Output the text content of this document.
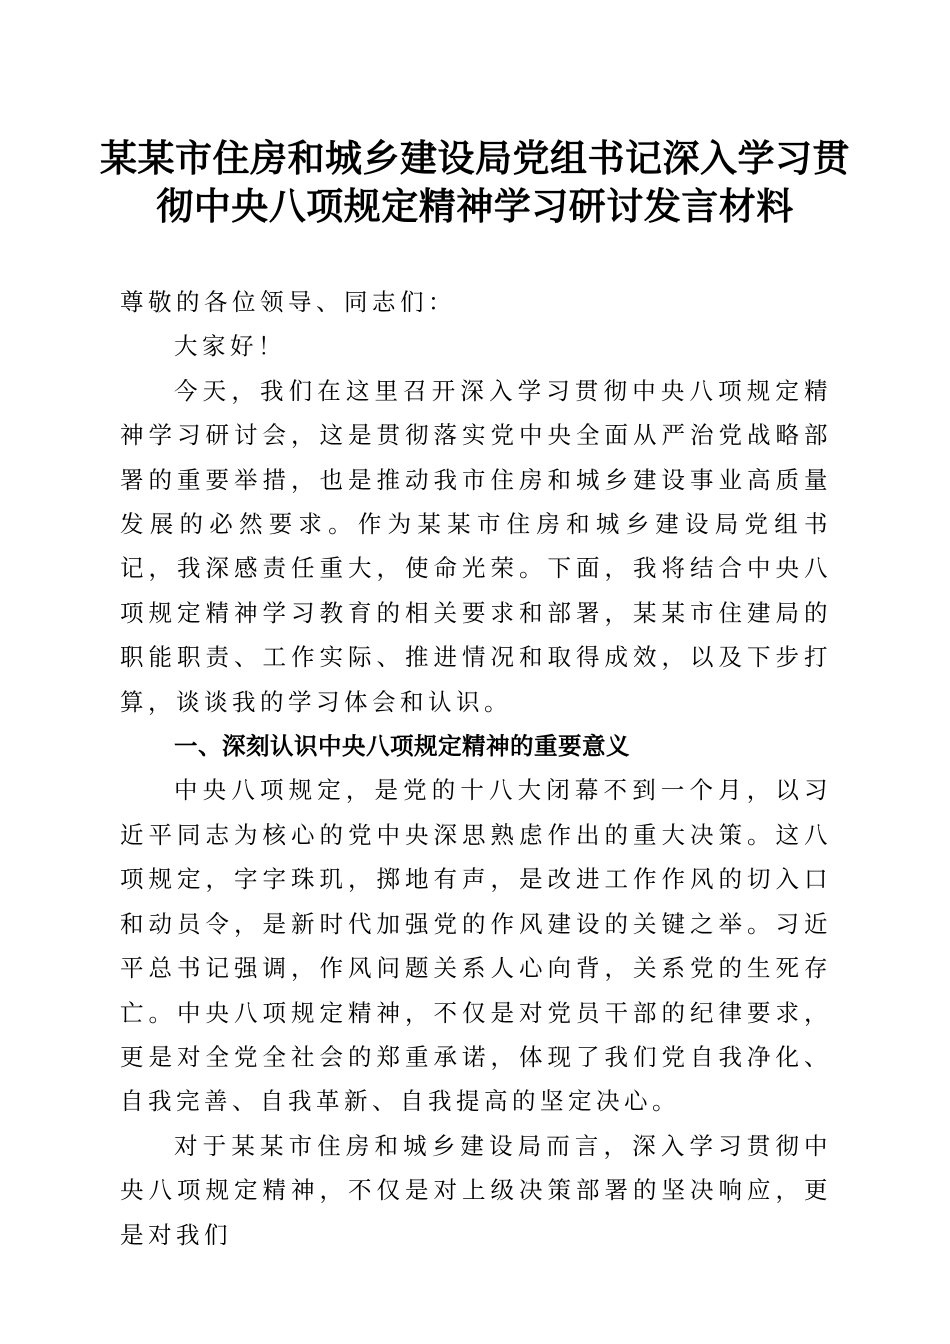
某某市住房和城乡建设局党组书记深入学习贯彻中央八项规定精神学习研讨发言材料

尊敬的各位领导、同志们：

大家好！

今天，我们在这里召开深入学习贯彻中央八项规定精神学习研讨会，这是贯彻落实党中央全面从严治党战略部署的重要举措，也是推动我市住房和城乡建设事业高质量发展的必然要求。作为某某市住房和城乡建设局党组书记，我深感责任重大，使命光荣。下面，我将结合中央八项规定精神学习教育的相关要求和部署，某某市住建局的职能职责、工作实际、推进情况和取得成效，以及下步打算，谈谈我的学习体会和认识。

一、深刻认识中央八项规定精神的重要意义

中央八项规定，是党的十八大闭幕不到一个月，以习近平同志为核心的党中央深思熟虑作出的重大决策。这八项规定，字字珠玑，掷地有声，是改进工作作风的切入口和动员令，是新时代加强党的作风建设的关键之举。习近平总书记强调，作风问题关系人心向背，关系党的生死存亡。中央八项规定精神，不仅是对党员干部的纪律要求，更是对全党全社会的郑重承诺，体现了我们党自我净化、自我完善、自我革新、自我提高的坚定决心。

对于某某市住房和城乡建设局而言，深入学习贯彻中央八项规定精神，不仅是对上级决策部署的坚决响应，更是对我们
